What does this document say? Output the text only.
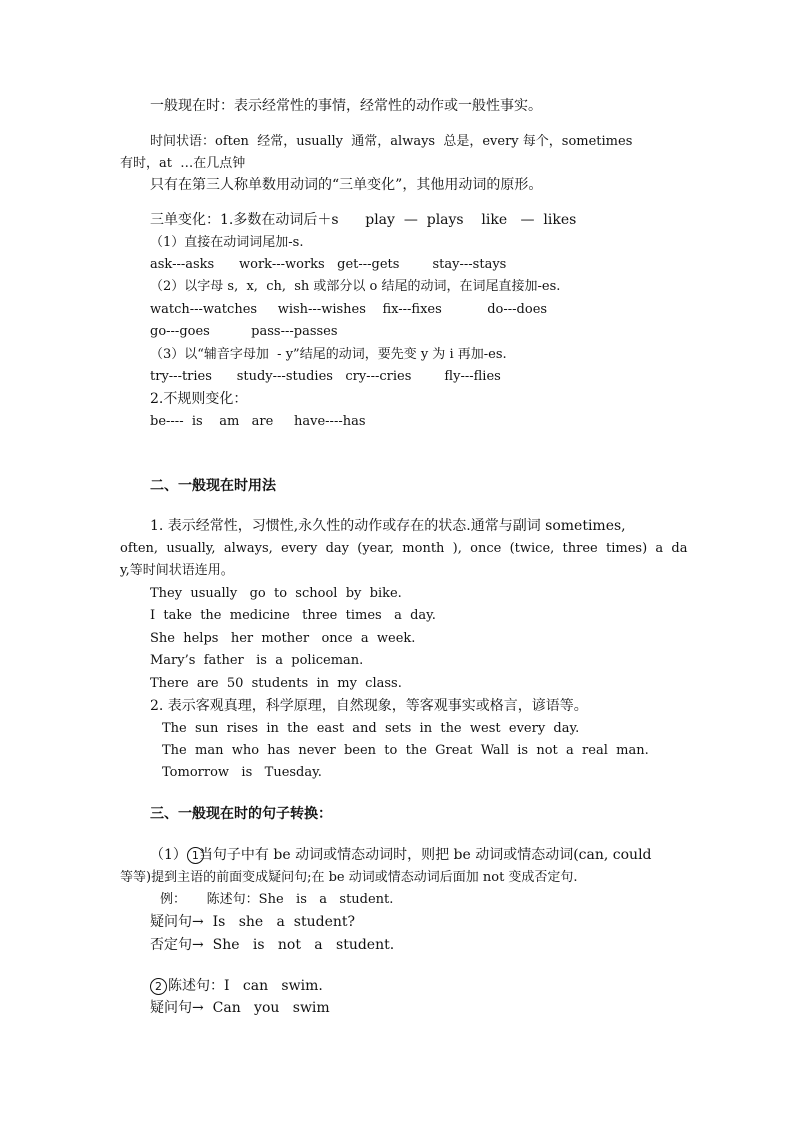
一般现在时：表示经常性的事情，经常性的动作或一般性事实。
时间状语：often  经常，usually  通常，always  总是，every 每个，sometimes
有时，at  …在几点钟
只有在第三人称单数用动词的“三单变化”，其他用动词的原形。
三单变化：1.多数在动词后＋s      play  —  plays    like   —  likes
（1）直接在动词词尾加-s.
ask---asks      work---works   get---gets        stay---stays
（2）以字母 s,  x,  ch,  sh 或部分以 o 结尾的动词，在词尾直接加-es.
watch---watches     wish---wishes    fix---fixes           do---does
go---goes          pass---passes
（3）以“辅音字母加  - y”结尾的动词，要先变 y 为 i 再加-es.
try---tries      study---studies   cry---cries        fly---flies
2.不规则变化：
be----  is    am   are     have----has
二、一般现在时用法
1. 表示经常性，习惯性,永久性的动作或存在的状态.通常与副词 sometimes,
often,  usually,  always,  every  day  (year,  month  ),  once  (twice,  three  times)  a  da
y,等时间状语连用。
They  usually   go  to  school  by  bike.
I  take  the  medicine   three  times   a  day.
She  helps   her  mother   once  a  week.
Mary’s  father   is  a  policeman.
There  are  50  students  in  my  class.
2. 表示客观真理，科学原理，自然现象，等客观事实或格言，谚语等。
The  sun  rises  in  the  east  and  sets  in  the  west  every  day.
The  man  who  has  never  been  to  the  Great  Wall  is  not  a  real  man.
Tomorrow   is   Tuesday.
三、一般现在时的句子转换：
（1） 1当句子中有 be 动词或情态动词时，则把 be 动词或情态动词(can, could
等等)提到主语的前面变成疑问句;在 be 动词或情态动词后面加 not 变成否定句.
例：     陈述句：She   is   a   student.
疑问句→  Is   she   a  student?
否定句→  She   is   not   a   student.
2 陈述句：I   can   swim.
疑问句→  Can   you   swim
